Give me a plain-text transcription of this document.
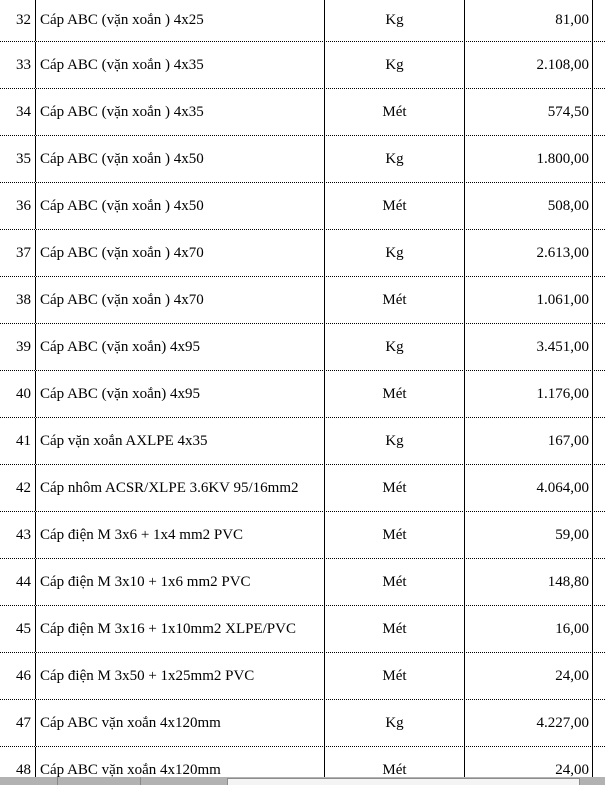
32 Cáp ABC (vặn xoắn ) 4x25	Kg	81,00
33 Cáp ABC (vặn xoắn ) 4x35	Kg	2.108,00
34 Cáp ABC (vặn xoắn ) 4x35	Mét	574,50
35 Cáp ABC (vặn xoắn ) 4x50	Kg	1.800,00
36 Cáp ABC (vặn xoắn ) 4x50	Mét	508,00
37 Cáp ABC (vặn xoắn ) 4x70	Kg	2.613,00
38 Cáp ABC (vặn xoắn ) 4x70	Mét	1.061,00
39 Cáp ABC (vặn xoắn) 4x95	Kg	3.451,00
40 Cáp ABC (vặn xoắn) 4x95	Mét	1.176,00
41 Cáp vặn xoắn AXLPE 4x35	Kg	167,00
42 Cáp nhôm ACSR/XLPE 3.6KV 95/16mm2	Mét	4.064,00
43 Cáp điện M 3x6 + 1x4 mm2 PVC	Mét	59,00
44 Cáp điện M 3x10 + 1x6 mm2 PVC	Mét	148,80
45 Cáp điện M 3x16 + 1x10mm2 XLPE/PVC	Mét	16,00
46 Cáp điện M 3x50 + 1x25mm2 PVC	Mét	24,00
47 Cáp ABC vặn xoắn 4x120mm	Kg	4.227,00
48 Cáp ABC vặn xoắn 4x120mm	Mét	24,00
